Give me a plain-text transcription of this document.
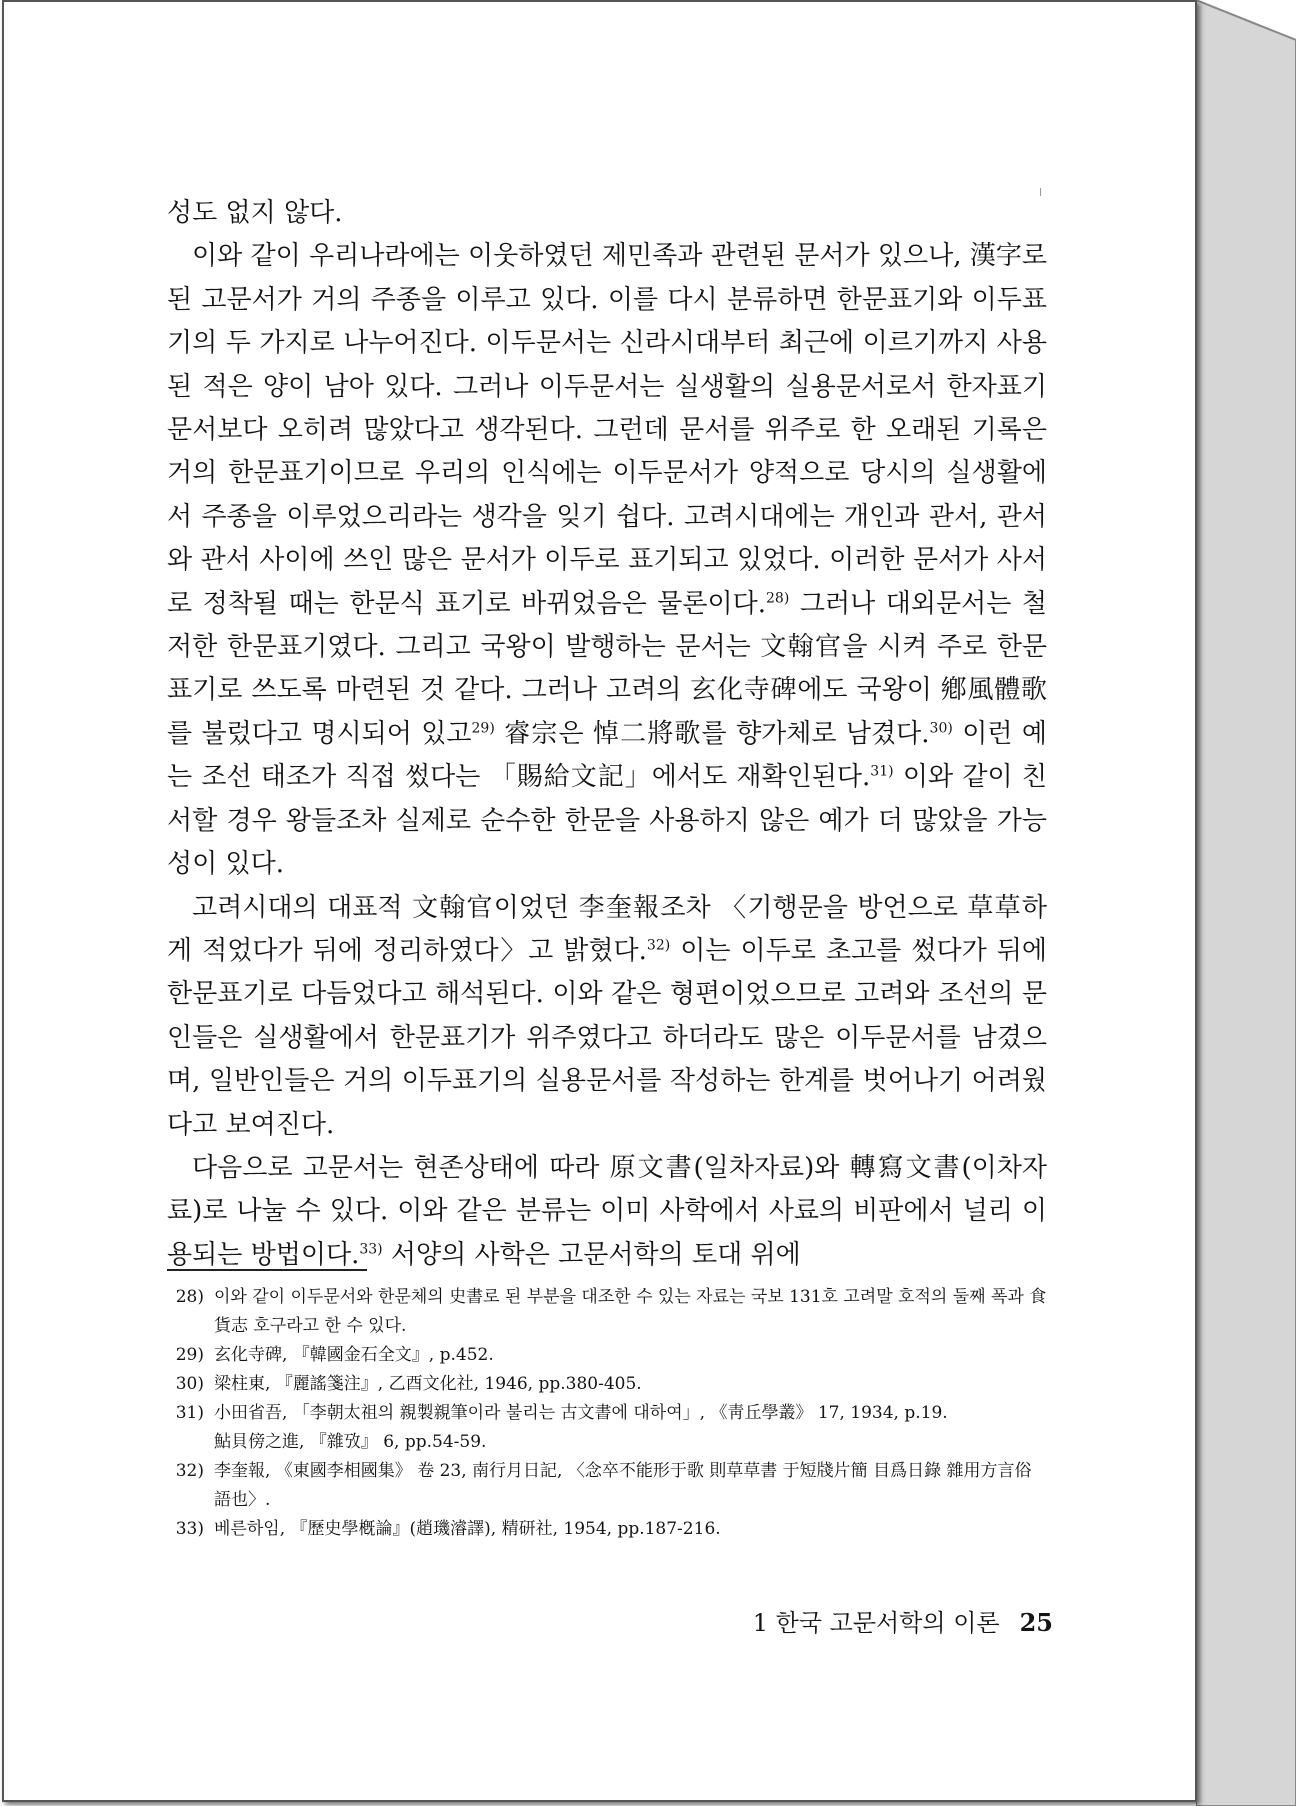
성도 없지 않다.

이와 같이 우리나라에는 이웃하였던 제민족과 관련된 문서가 있으나, 漢字로 된 고문서가 거의 주종을 이루고 있다. 이를 다시 분류하면 한문표기와 이두표기의 두 가지로 나누어진다. 이두문서는 신라시대부터 최근에 이르기까지 사용된 적은 양이 남아 있다. 그러나 이두문서는 실생활의 실용문서로서 한자표기문서보다 오히려 많았다고 생각된다. 그런데 문서를 위주로 한 오래된 기록은 거의 한문표기이므로 우리의 인식에는 이두문서가 양적으로 당시의 실생활에서 주종을 이루었으리라는 생각을 잊기 쉽다. 고려시대에는 개인과 관서, 관서와 관서 사이에 쓰인 많은 문서가 이두로 표기되고 있었다. 이러한 문서가 사서로 정착될 때는 한문식 표기로 바뀌었음은 물론이다.$^{28)}$ 그러나 대외문서는 철저한 한문표기였다. 그리고 국왕이 발행하는 문서는 文翰官을 시켜 주로 한문표기로 쓰도록 마련된 것 같다. 그러나 고려의 玄化寺碑에도 국왕이 鄕風體歌를 불렀다고 명시되어 있고$^{29)}$ 睿宗은 悼二將歌를 향가체로 남겼다.$^{30)}$ 이런 예는 조선 태조가 직접 썼다는 「賜給文記」에서도 재확인된다.$^{31)}$ 이와 같이 친서할 경우 왕들조차 실제로 순수한 한문을 사용하지 않은 예가 더 많았을 가능성이 있다.

고려시대의 대표적 文翰官이었던 李奎報조차 〈기행문을 방언으로 草草하게 적었다가 뒤에 정리하였다〉고 밝혔다.$^{32)}$ 이는 이두로 초고를 썼다가 뒤에 한문표기로 다듬었다고 해석된다. 이와 같은 형편이었으므로 고려와 조선의 문인들은 실생활에서 한문표기가 위주였다고 하더라도 많은 이두문서를 남겼으며, 일반인들은 거의 이두표기의 실용문서를 작성하는 한계를 벗어나기 어려웠다고 보여진다.

다음으로 고문서는 현존상태에 따라 原文書(일차자료)와 轉寫文書(이차자료)로 나눌 수 있다. 이와 같은 분류는 이미 사학에서 사료의 비판에서 널리 이용되는 방법이다.$^{33)}$ 서양의 사학은 고문서학의 토대 위에

28) 이와 같이 이두문서와 한문체의 史書로 된 부분을 대조한 수 있는 자료는 국보 131호 고려말 호적의 둘째 폭과 食貨志 호구라고 한 수 있다.
29) 玄化寺碑, 『韓國金石全文』, p.452.
30) 梁柱東, 『麗謠箋注』, 乙酉文化社, 1946, pp.380-405.
31) 小田省吾, 「李朝太祖의 親製親筆이라 불리는 古文書에 대하여」, 《靑丘學叢》 17, 1934, p.19.
鮎貝傍之進, 『雜攷』 6, pp.54-59.
32) 李奎報, 《東國李相國集》 卷 23, 南行月日記, 〈念卒不能形于歌 則草草書 于短牋片簡 目爲日錄 雜用方言俗語也〉.
33) 베른하임, 『歷史學槪論』(趙璣濬譯), 精研社, 1954, pp.187-216.
1 한국 고문서학의 이론 25
